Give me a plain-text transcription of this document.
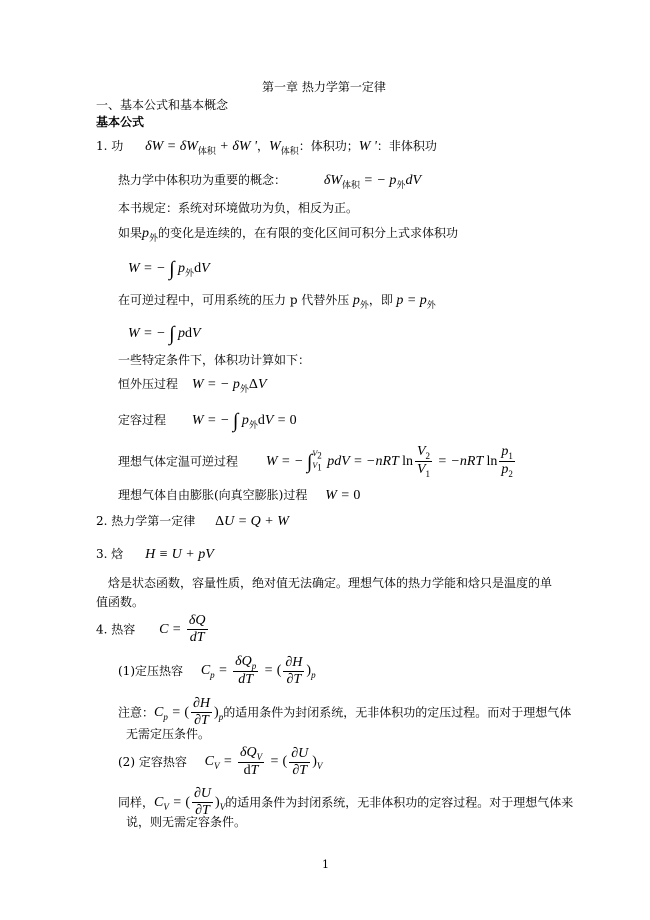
第一章 热力学第一定律
一、基本公式和基本概念
基本公式
1. 功 $\delta W = \delta W_{体积} + \delta W$ '，$W_{体积}$：体积功；W '：非体积功
热力学中体积功为重要的概念：	$\delta W_{体积}$ = − $p_外dV$
本书规定：系统对环境做功为负，相反为正。
如果$p_外$的变化是连续的，在有限的变化区间可积分上式求体积功
W = − ∫ $p_外dV$
在可逆过程中，可用系统的压力 p 代替外压 $p_外$，即 $p = p_外$
W = − ∫ pdV
一些特定条件下，体积功计算如下：
恒外压过程 W = − $p_外\Delta V$
定容过程 W = − ∫ $p_外dV = 0$
理想气体定温可逆过程 W = − $\int V_2$
$V_1$ pdV = −nRT $\ln \frac{V_2}{V_1} = -nRT$ $\ln \frac{p_1}{p_2}$
理想气体自由膨胀(向真空膨胀)过程 W = 0
2. 热力学第一定律 ΔU = Q + W
3. 焓 H ≡ U + pV
焓是状态函数，容量性质，绝对值无法确定。理想气体的热力学能和焓只是温度的单值函数。
4. 热容 $C = \frac{\delta Q}{dT}$
(1)定压热容 $C_p = \frac{\delta Q_p}{dT}$ = ( $\frac{\partial H}{\partial T} )_p$
注意：$C_p$ = ( $\frac{\partial H}{\partial T} )_p$的适用条件为封闭系统，无非体积功的定压过程。而对于理想气体
无需定压条件。
(2) 定容热容 $C_V = \frac{\delta Q_V}{dT}$ = ( $\frac{\partial U}{\partial T} )_V$
同样，$C_V$ = ( $\frac{\partial U}{\partial T} )_V$的适用条件为封闭系统，无非体积功的定容过程。对于理想气体来
说，则无需定容条件。
1
